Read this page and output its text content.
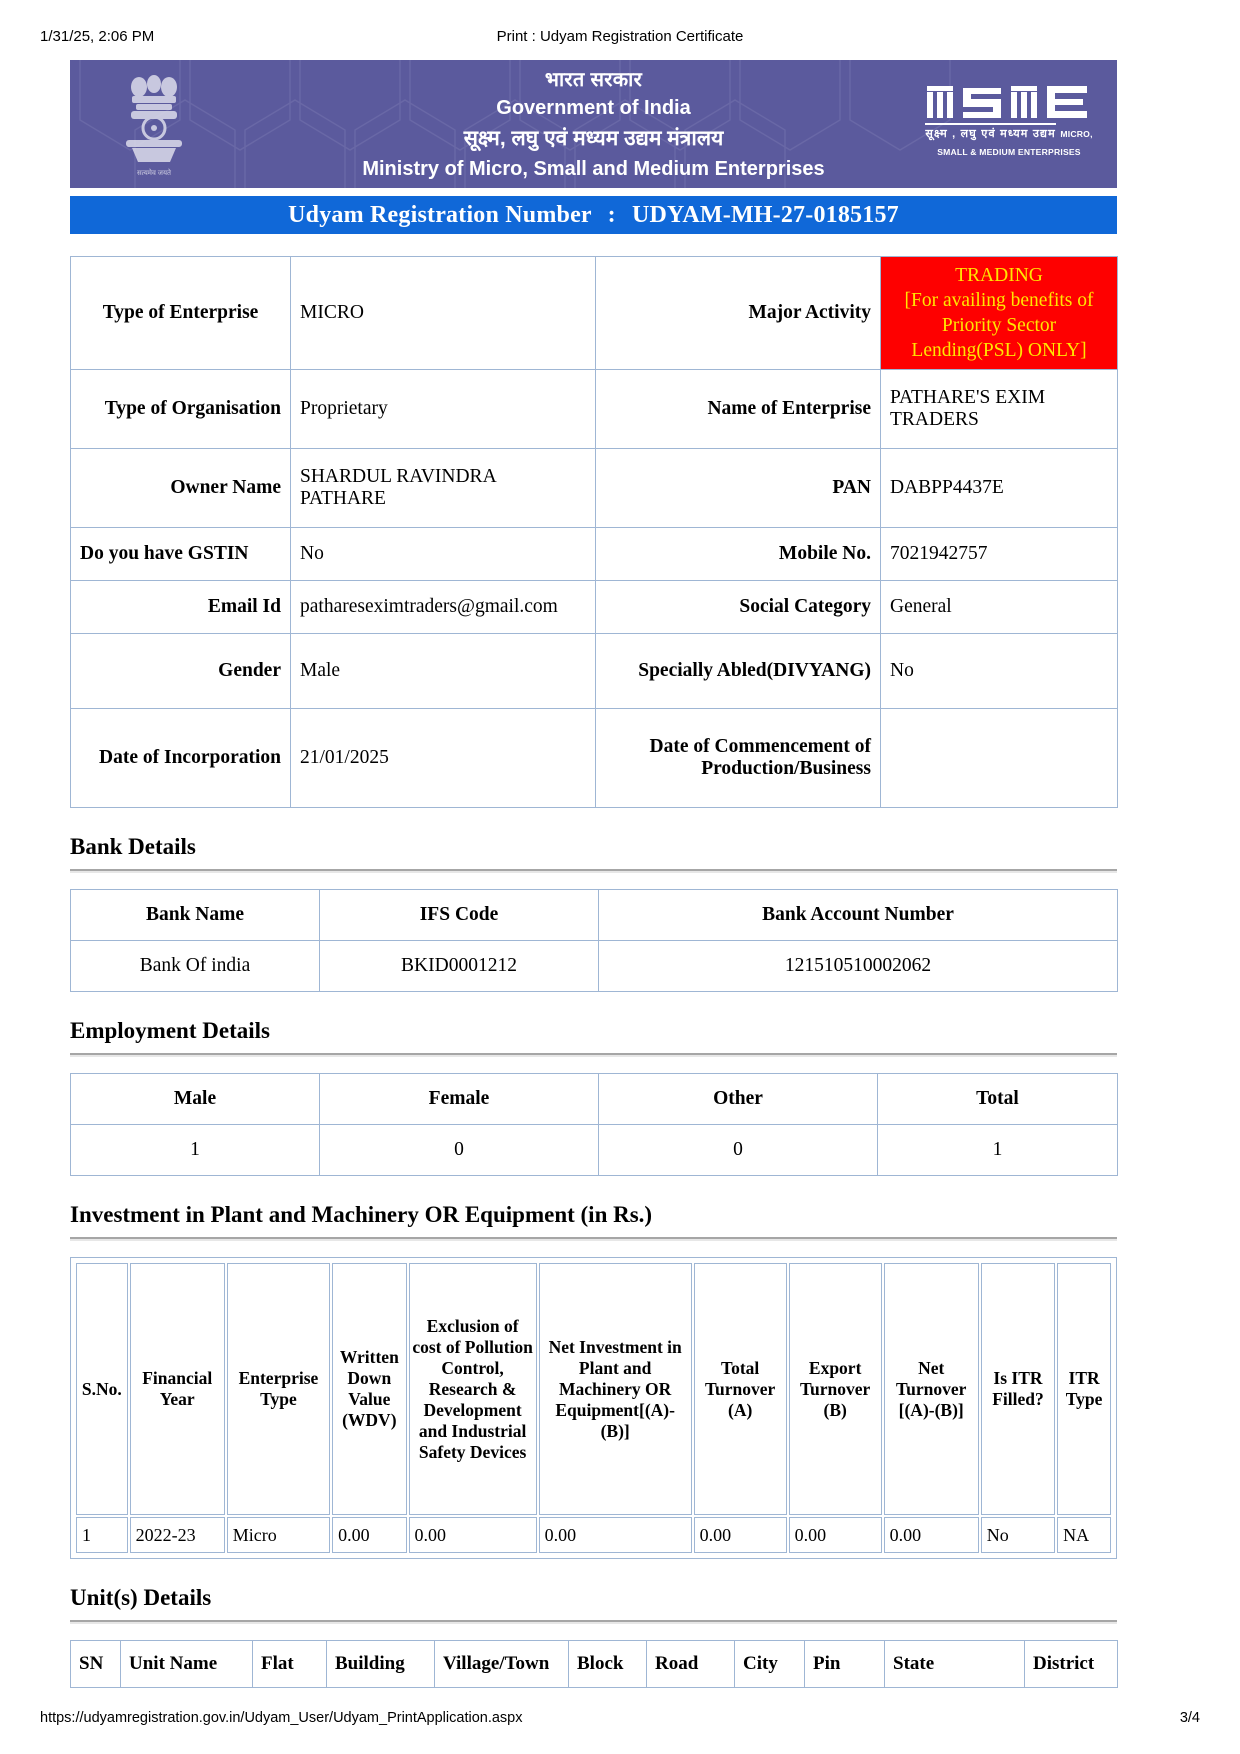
1/31/25, 2:06 PM	Print : Udyam Registration Certificate
सत्यमेव जयते
भारत सरकार
Government of India
सूक्ष्म, लघु एवं मध्यम उद्यम मंत्रालय
Ministry of Micro, Small and Medium Enterprises
सूक्ष्म , लघु एवं मध्यम उद्यम MICRO, SMALL & MEDIUM ENTERPRISES
Udyam Registration Number : UDYAM-MH-27-0185157
Type of Enterprise	MICRO	Major Activity	TRADING
[For availing benefits of Priority Sector Lending(PSL) ONLY]
Type of Organisation	Proprietary	Name of Enterprise	PATHARE'S EXIM TRADERS
Owner Name	SHARDUL RAVINDRA PATHARE	PAN	DABPP4437E
Do you have GSTIN	No	Mobile No.	7021942757
Email Id	pathareseximtraders@gmail.com	Social Category	General
Gender	Male	Specially Abled(DIVYANG)	No
Date of Incorporation	21/01/2025	Date of Commencement of Production/Business	
Bank Details
Bank Name	IFS Code	Bank Account Number
Bank Of india	BKID0001212	121510510002062
Employment Details
Male	Female	Other	Total
1	0	0	1
Investment in Plant and Machinery OR Equipment (in Rs.)
S.No.	Financial Year	Enterprise Type	Written Down Value (WDV)	Exclusion of cost of Pollution Control, Research & Development and Industrial Safety Devices	Net Investment in Plant and Machinery OR Equipment[(A)-(B)]	Total Turnover (A)	Export Turnover (B)	Net Turnover [(A)-(B)]	Is ITR Filled?	ITR Type
1	2022-23	Micro	0.00	0.00	0.00	0.00	0.00	0.00	No	NA
Unit(s) Details
SN	Unit Name	Flat	Building	Village/Town	Block	Road	City	Pin	State	District
https://udyamregistration.gov.in/Udyam_User/Udyam_PrintApplication.aspx	3/4
